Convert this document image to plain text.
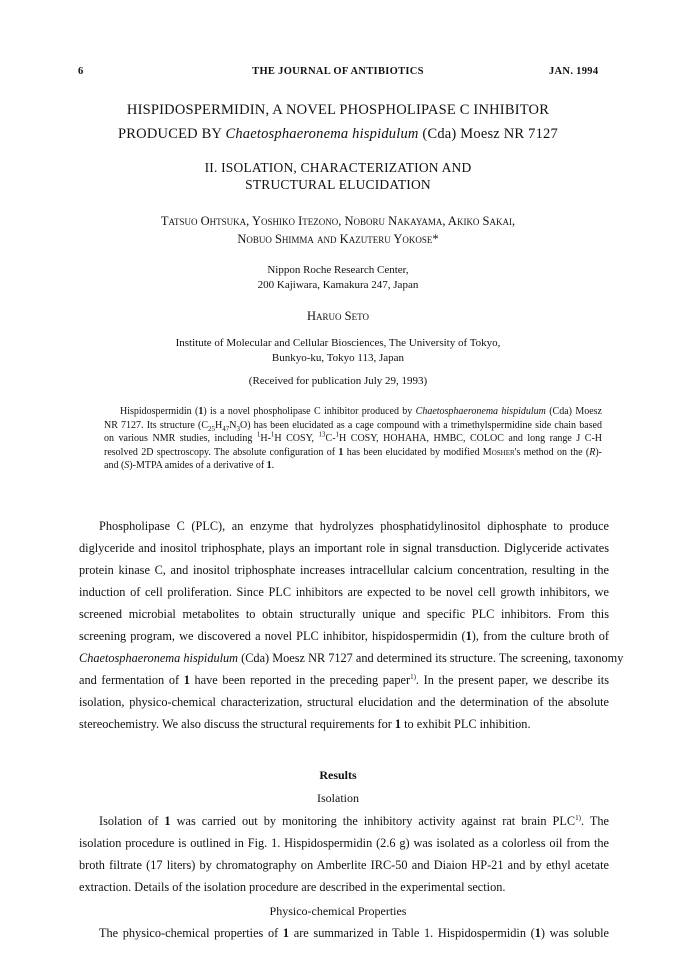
6	THE JOURNAL OF ANTIBIOTICS	JAN. 1994
HISPIDOSPERMIDIN, A NOVEL PHOSPHOLIPASE C INHIBITOR
PRODUCED BY Chaetosphaeronema hispidulum (Cda) Moesz NR 7127
II. ISOLATION, CHARACTERIZATION AND
STRUCTURAL ELUCIDATION
Tatsuo Ohtsuka, Yoshiko Itezono, Noboru Nakayama, Akiko Sakai,
Nobuo Shimma and Kazuteru Yokose*
Nippon Roche Research Center,
200 Kajiwara, Kamakura 247, Japan
Haruo Seto
Institute of Molecular and Cellular Biosciences, The University of Tokyo,
Bunkyo-ku, Tokyo 113, Japan
(Received for publication July 29, 1993)
Hispidospermidin (1) is a novel phospholipase C inhibitor produced by Chaetosphaeronema hispidulum (Cda) Moesz NR 7127. Its structure $(C_{25}H_{47}N_3O)$ has been elucidated as a cage compound with a trimethylspermidine side chain based on various NMR studies, including $^1$H-$^1$H COSY, $^{13}$C-$^1$H COSY, HOHAHA, HMBC, COLOC and long range J C-H resolved 2D spectroscopy. The absolute configuration of 1 has been elucidated by modified Mosher's method on the (R)- and (S)-MTPA amides of a derivative of 1.
Phospholipase C (PLC), an enzyme that hydrolyzes phosphatidylinositol diphosphate to produce
diglyceride and inositol triphosphate, plays an important role in signal transduction. Diglyceride activates
protein kinase C, and inositol triphosphate increases intracellular calcium concentration, resulting in the
induction of cell proliferation. Since PLC inhibitors are expected to be novel cell growth inhibitors, we
screened microbial metabolites to obtain structurally unique and specific PLC inhibitors. From this
screening program, we discovered a novel PLC inhibitor, hispidospermidin (1), from the culture broth of
Chaetosphaeronema hispidulum (Cda) Moesz NR 7127 and determined its structure. The screening, taxonomy
and fermentation of 1 have been reported in the preceding paper$^{1)}$. In the present paper, we describe its
isolation, physico-chemical characterization, structural elucidation and the determination of the absolute
stereochemistry. We also discuss the structural requirements for 1 to exhibit PLC inhibition.
Results
Isolation
Isolation of 1 was carried out by monitoring the inhibitory activity against rat brain PLC$^{1)}$. The
isolation procedure is outlined in Fig. 1. Hispidospermidin (2.6 g) was isolated as a colorless oil from the
broth filtrate (17 liters) by chromatography on Amberlite IRC-50 and Diaion HP-21 and by ethyl acetate
extraction. Details of the isolation procedure are described in the experimental section.
Physico-chemical Properties
The physico-chemical properties of 1 are summarized in Table 1. Hispidospermidin (1) was soluble
